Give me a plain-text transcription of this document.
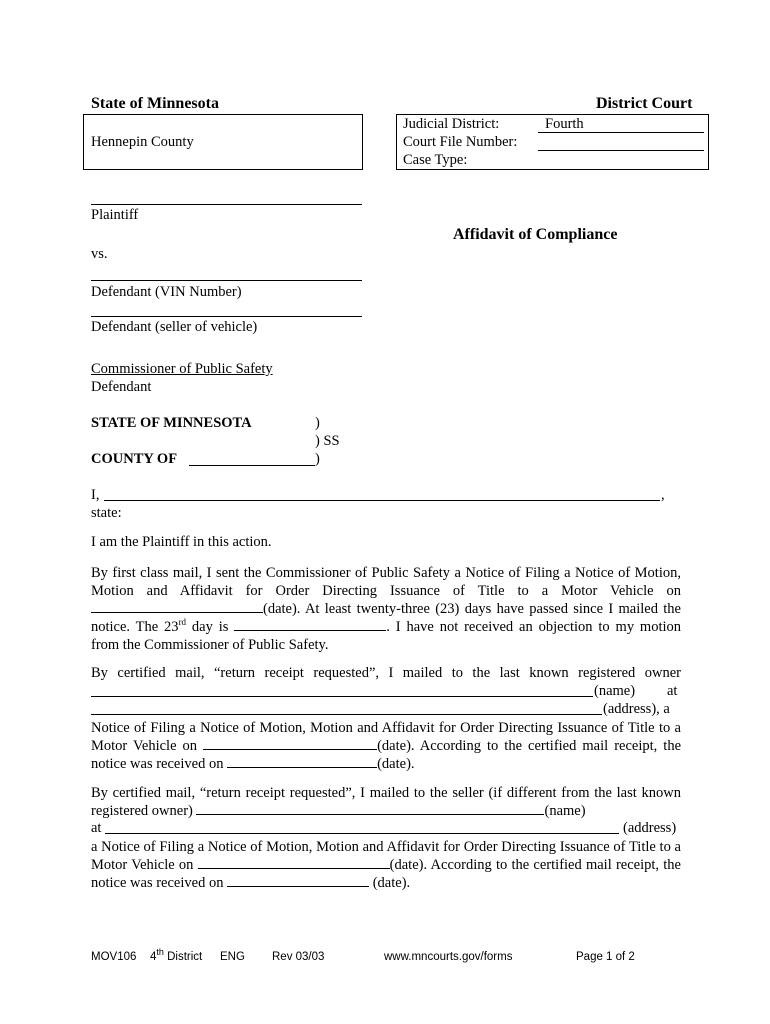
State of Minnesota	District Court
Hennepin County
Judicial District:	Fourth
Court File Number:
Case Type:
Plaintiff
vs.
Defendant (VIN Number)
Defendant (seller of vehicle)
Commissioner of Public Safety
Defendant
Affidavit of Compliance
STATE OF MINNESOTA	)
) SS
COUNTY OF	)
I,	,
state:
I am the Plaintiff in this action.
By first class mail, I sent the Commissioner of Public Safety a Notice of Filing a Notice of Motion, Motion and Affidavit for Order Directing Issuance of Title to a Motor Vehicle on (date). At least twenty-three (23) days have passed since I mailed the notice. The 23rd day is	. I have not received an objection to my motion from the Commissioner of Public Safety.
By certified mail, “return receipt requested”, I mailed to the last known registered owner
(name) at
(address), a
Notice of Filing a Notice of Motion, Motion and Affidavit for Order Directing Issuance of Title to a Motor Vehicle on	(date). According to the certified mail receipt, the notice was received on	(date).
By certified mail, “return receipt requested”, I mailed to the seller (if different from the last known registered owner)	(name)
at	(address)
a Notice of Filing a Notice of Motion, Motion and Affidavit for Order Directing Issuance of Title to a Motor Vehicle on	(date). According to the certified mail receipt, the notice was received on	(date).
MOV106 4th District ENG Rev 03/03	www.mncourts.gov/forms	Page 1 of 2
